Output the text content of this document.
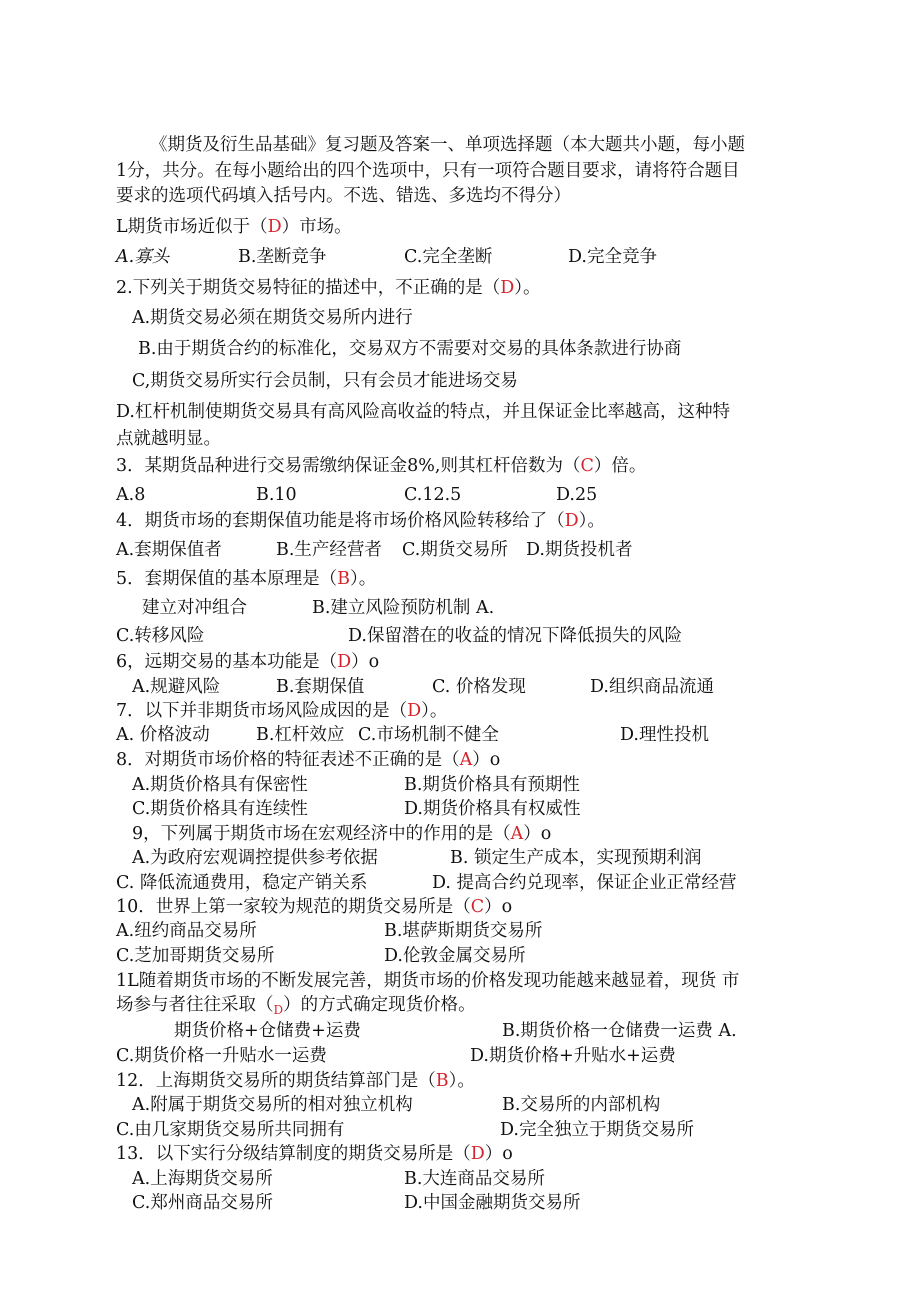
《期货及衍生品基础》复习题及答案一、单项选择题（本大题共小题，每小题
1分，共分。在每小题给出的四个选项中，只有一项符合题目要求，请将符合题目
要求的选项代码填入括号内。不选、错选、多选均不得分）
L期货市场近似于（D）市场。
A.寡头	B.垄断竞争	C.完全垄断	D.完全竞争
2.下列关于期货交易特征的描述中，不正确的是（D）。
A.期货交易必须在期货交易所内进行
B.由于期货合约的标准化，交易双方不需要对交易的具体条款进行协商
C,期货交易所实行会员制，只有会员才能进场交易
D.杠杆机制使期货交易具有高风险高收益的特点，并且保证金比率越高，这种特
点就越明显。
3．某期货品种进行交易需缴纳保证金8%,则其杠杆倍数为（C）倍。
A.8	B.10	C.12.5	D.25
4．期货市场的套期保值功能是将市场价格风险转移给了（D）。
A.套期保值者	B.生产经营者 C.期货交易所 D.期货投机者
5．套期保值的基本原理是（B）。
建立对冲组合	B.建立风险预防机制 A.
C.转移风险	D.保留潜在的收益的情况下降低损失的风险
6，远期交易的基本功能是（D）o
A.规避风险	B.套期保值	C. 价格发现	D.组织商品流通
7．以下并非期货市场风险成因的是（D）。
A. 价格波动	B.杠杆效应 C.市场机制不健全	D.理性投机
8．对期货市场价格的特征表述不正确的是（A）o
A.期货价格具有保密性	B.期货价格具有预期性
C.期货价格具有连续性	D.期货价格具有权威性
9，下列属于期货市场在宏观经济中的作用的是（A）o
A.为政府宏观调控提供参考依据	B. 锁定生产成本，实现预期利润
C. 降低流通费用，稳定产销关系	D. 提高合约兑现率，保证企业正常经营
10．世界上第一家较为规范的期货交易所是（C）o
A.纽约商品交易所	B.堪萨斯期货交易所
C.芝加哥期货交易所	D.伦敦金属交易所
1L随着期货市场的不断发展完善，期货市场的价格发现功能越来越显着，现货 市
场参与者往往采取$(_D)$的方式确定现货价格。
期货价格+仓储费+运费	B.期货价格一仓储费一运费 A.
C.期货价格一升贴水一运费	D.期货价格+升贴水+运费
12．上海期货交易所的期货结算部门是（B）。
A.附属于期货交易所的相对独立机构	B.交易所的内部机构
C.由几家期货交易所共同拥有	D.完全独立于期货交易所
13．以下实行分级结算制度的期货交易所是（D）o
A.上海期货交易所	B.大连商品交易所
C.郑州商品交易所	D.中国金融期货交易所
